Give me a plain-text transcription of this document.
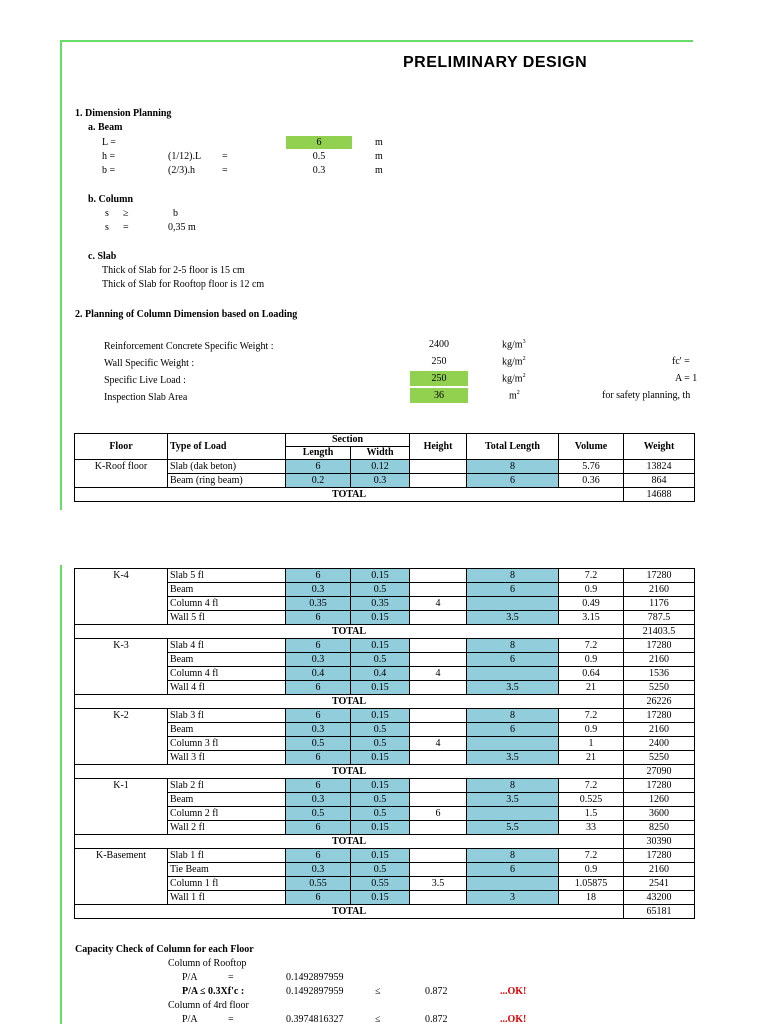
PRELIMINARY DESIGN
1. Dimension Planning
a. Beam
L =	6	m
h =	(1/12).L =	0.5	m
b =	(2/3).h	=	0.3	m
b. Column
s ≥	b
s =	0,35 m
c. Slab
Thick of Slab for 2-5 floor is 15 cm
Thick of Slab for Rooftop floor is 12 cm
2. Planning of Column Dimension based on Loading
Reinforcement Concrete Specific Weight :	2400	$kg/m^3$
Wall Specific Weight :	250	$kg/m^2$	fc' =
Specific Live Load :	250	$kg/m^2$	A = 1
Inspection Slab Area	36	$m^2$	for safety planning, th
Floor	Type of Load	Section		Height	Total Length	Volume	Weight
		Length	Width				
K-Roof floor	Slab (dak beton)	6	0.12		8	5.76	13824
	Beam (ring beam)	0.2	0.3		6	0.36	864
TOTAL							14688
K-4	Slab 5 fl	6	0.15		8	7.2	17280
	Beam	0.3	0.5		6	0.9	2160
	Column 4 fl	0.35	0.35	4		0.49	1176
	Wall 5 fl	6	0.15		3.5	3.15	787.5
TOTAL							21403.5
K-3	Slab 4 fl	6	0.15		8	7.2	17280
	Beam	0.3	0.5		6	0.9	2160
	Column 4 fl	0.4	0.4	4		0.64	1536
	Wall 4 fl	6	0.15		3.5	21	5250
TOTAL							26226
K-2	Slab 3 fl	6	0.15		8	7.2	17280
	Beam	0.3	0.5		6	0.9	2160
	Column 3 fl	0.5	0.5	4		1	2400
	Wall 3 fl	6	0.15		3.5	21	5250
TOTAL							27090
K-1	Slab 2 fl	6	0.15		8	7.2	17280
	Beam	0.3	0.5		3.5	0.525	1260
	Column 2 fl	0.5	0.5	6		1.5	3600
	Wall 2 fl	6	0.15		5.5	33	8250
TOTAL							30390
K-Basement	Slab 1 fl	6	0.15		8	7.2	17280
	Tie Beam	0.3	0.5		6	0.9	2160
	Column 1 fl	0.55	0.55	3.5		1.05875	2541
	Wall 1 fl	6	0.15		3	18	43200
TOTAL							65181
Capacity Check of Column for each Floor
Column of Rooftop
P/A	=	0.1492897959
P/A ≤ 0.3Xf'c :	0.1492897959	≤	0.872	...OK!
Column of 4rd floor
P/A	=	0.3974816327	≤	0.872	...OK!
